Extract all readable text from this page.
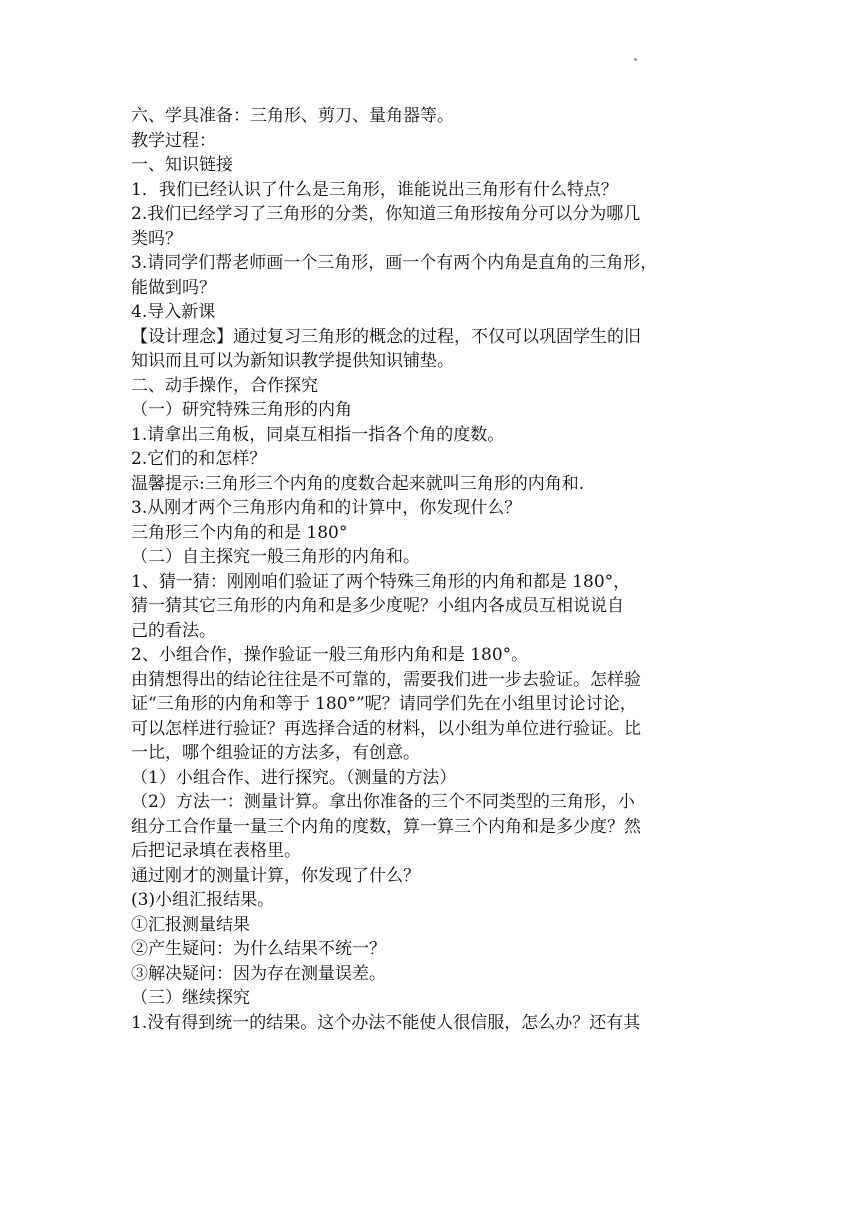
六、学具准备：三角形、剪刀、量角器等。
教学过程：
一、知识链接
1．我们已经认识了什么是三角形，谁能说出三角形有什么特点？
2.我们已经学习了三角形的分类，你知道三角形按角分可以分为哪几
类吗？
3.请同学们帮老师画一个三角形，画一个有两个内角是直角的三角形，
能做到吗？
4.导入新课
【设计理念】通过复习三角形的概念的过程，不仅可以巩固学生的旧
知识而且可以为新知识教学提供知识铺垫。
二、动手操作，合作探究
（一）研究特殊三角形的内角
1.请拿出三角板，同桌互相指一指各个角的度数。
2.它们的和怎样？
温馨提示:三角形三个内角的度数合起来就叫三角形的内角和.
3.从刚才两个三角形内角和的计算中，你发现什么？
三角形三个内角的和是 180°
（二）自主探究一般三角形的内角和。
1、猜一猜：刚刚咱们验证了两个特殊三角形的内角和都是 180°，
猜一猜其它三角形的内角和是多少度呢？小组内各成员互相说说自
己的看法。
2、小组合作，操作验证一般三角形内角和是 180°。
由猜想得出的结论往往是不可靠的，需要我们进一步去验证。怎样验
证“三角形的内角和等于 180°”呢？请同学们先在小组里讨论讨论，
可以怎样进行验证？再选择合适的材料，以小组为单位进行验证。比
一比，哪个组验证的方法多，有创意。
（1）小组合作、进行探究。（测量的方法）
（2）方法一：测量计算。拿出你准备的三个不同类型的三角形，小
组分工合作量一量三个内角的度数，算一算三个内角和是多少度？然
后把记录填在表格里。
通过刚才的测量计算，你发现了什么？
(3)小组汇报结果。
①汇报测量结果
②产生疑问：为什么结果不统一？
③解决疑问：因为存在测量误差。
（三）继续探究
1.没有得到统一的结果。这个办法不能使人很信服，怎么办？还有其
